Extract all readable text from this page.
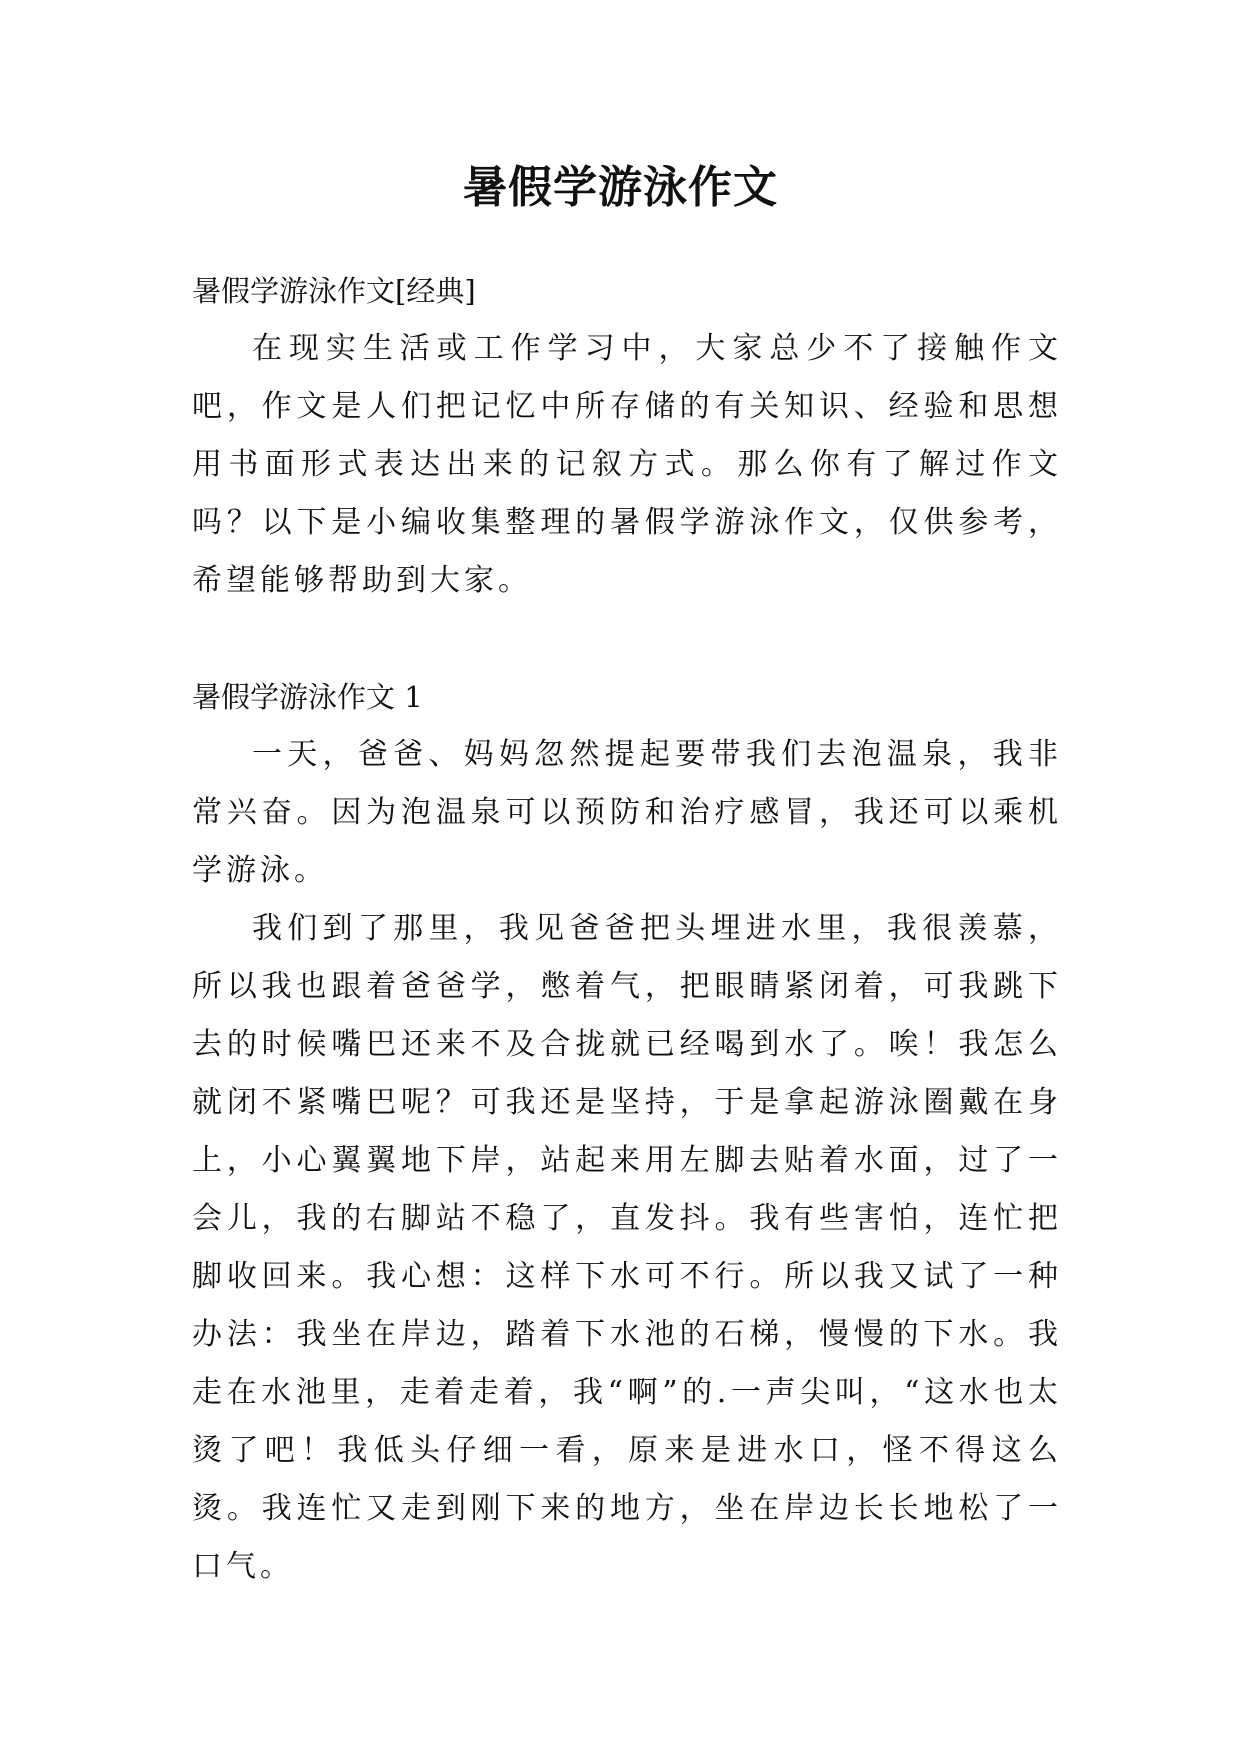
暑假学游泳作文
暑假学游泳作文[经典]

在现实生活或工作学习中，大家总少不了接触作文吧，作文是人们把记忆中所存储的有关知识、经验和思想用书面形式表达出来的记叙方式。那么你有了解过作文吗？以下是小编收集整理的暑假学游泳作文，仅供参考，希望能够帮助到大家。

暑假学游泳作文 1

一天，爸爸、妈妈忽然提起要带我们去泡温泉，我非常兴奋。因为泡温泉可以预防和治疗感冒，我还可以乘机学游泳。

我们到了那里，我见爸爸把头埋进水里，我很羡慕，所以我也跟着爸爸学，憋着气，把眼睛紧闭着，可我跳下去的时候嘴巴还来不及合拢就已经喝到水了。唉！我怎么就闭不紧嘴巴呢？可我还是坚持，于是拿起游泳圈戴在身上，小心翼翼地下岸，站起来用左脚去贴着水面，过了一会儿，我的右脚站不稳了，直发抖。我有些害怕，连忙把脚收回来。我心想：这样下水可不行。所以我又试了一种办法：我坐在岸边，踏着下水池的石梯，慢慢的下水。我走在水池里，走着走着，我“啊”的.一声尖叫，“这水也太烫了吧！我低头仔细一看，原来是进水口，怪不得这么烫。我连忙又走到刚下来的地方，坐在岸边长长地松了一口气。
